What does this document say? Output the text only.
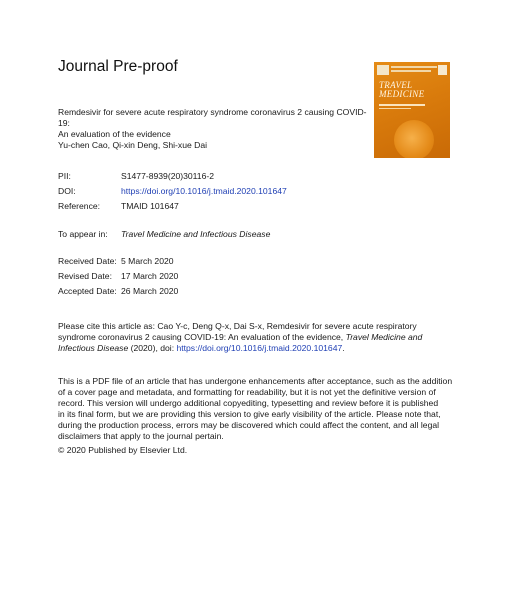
Journal Pre-proof
TRAVEL
MEDICINE
Remdesivir for severe acute respiratory syndrome coronavirus 2 causing COVID-19:
An evaluation of the evidence
Yu-chen Cao, Qi-xin Deng, Shi-xue Dai
PII:	S1477-8939(20)30116-2
DOI:	https://doi.org/10.1016/j.tmaid.2020.101647
Reference: TMAID 101647
To appear in: Travel Medicine and Infectious Disease
Received Date: 5 March 2020
Revised Date: 17 March 2020
Accepted Date: 26 March 2020
Please cite this article as: Cao Y-c, Deng Q-x, Dai S-x, Remdesivir for severe acute respiratory
syndrome coronavirus 2 causing COVID-19: An evaluation of the evidence, Travel Medicine and
Infectious Disease (2020), doi: https://doi.org/10.1016/j.tmaid.2020.101647.
This is a PDF file of an article that has undergone enhancements after acceptance, such as the addition
of a cover page and metadata, and formatting for readability, but it is not yet the definitive version of
record. This version will undergo additional copyediting, typesetting and review before it is published
in its final form, but we are providing this version to give early visibility of the article. Please note that,
during the production process, errors may be discovered which could affect the content, and all legal
disclaimers that apply to the journal pertain.
© 2020 Published by Elsevier Ltd.
